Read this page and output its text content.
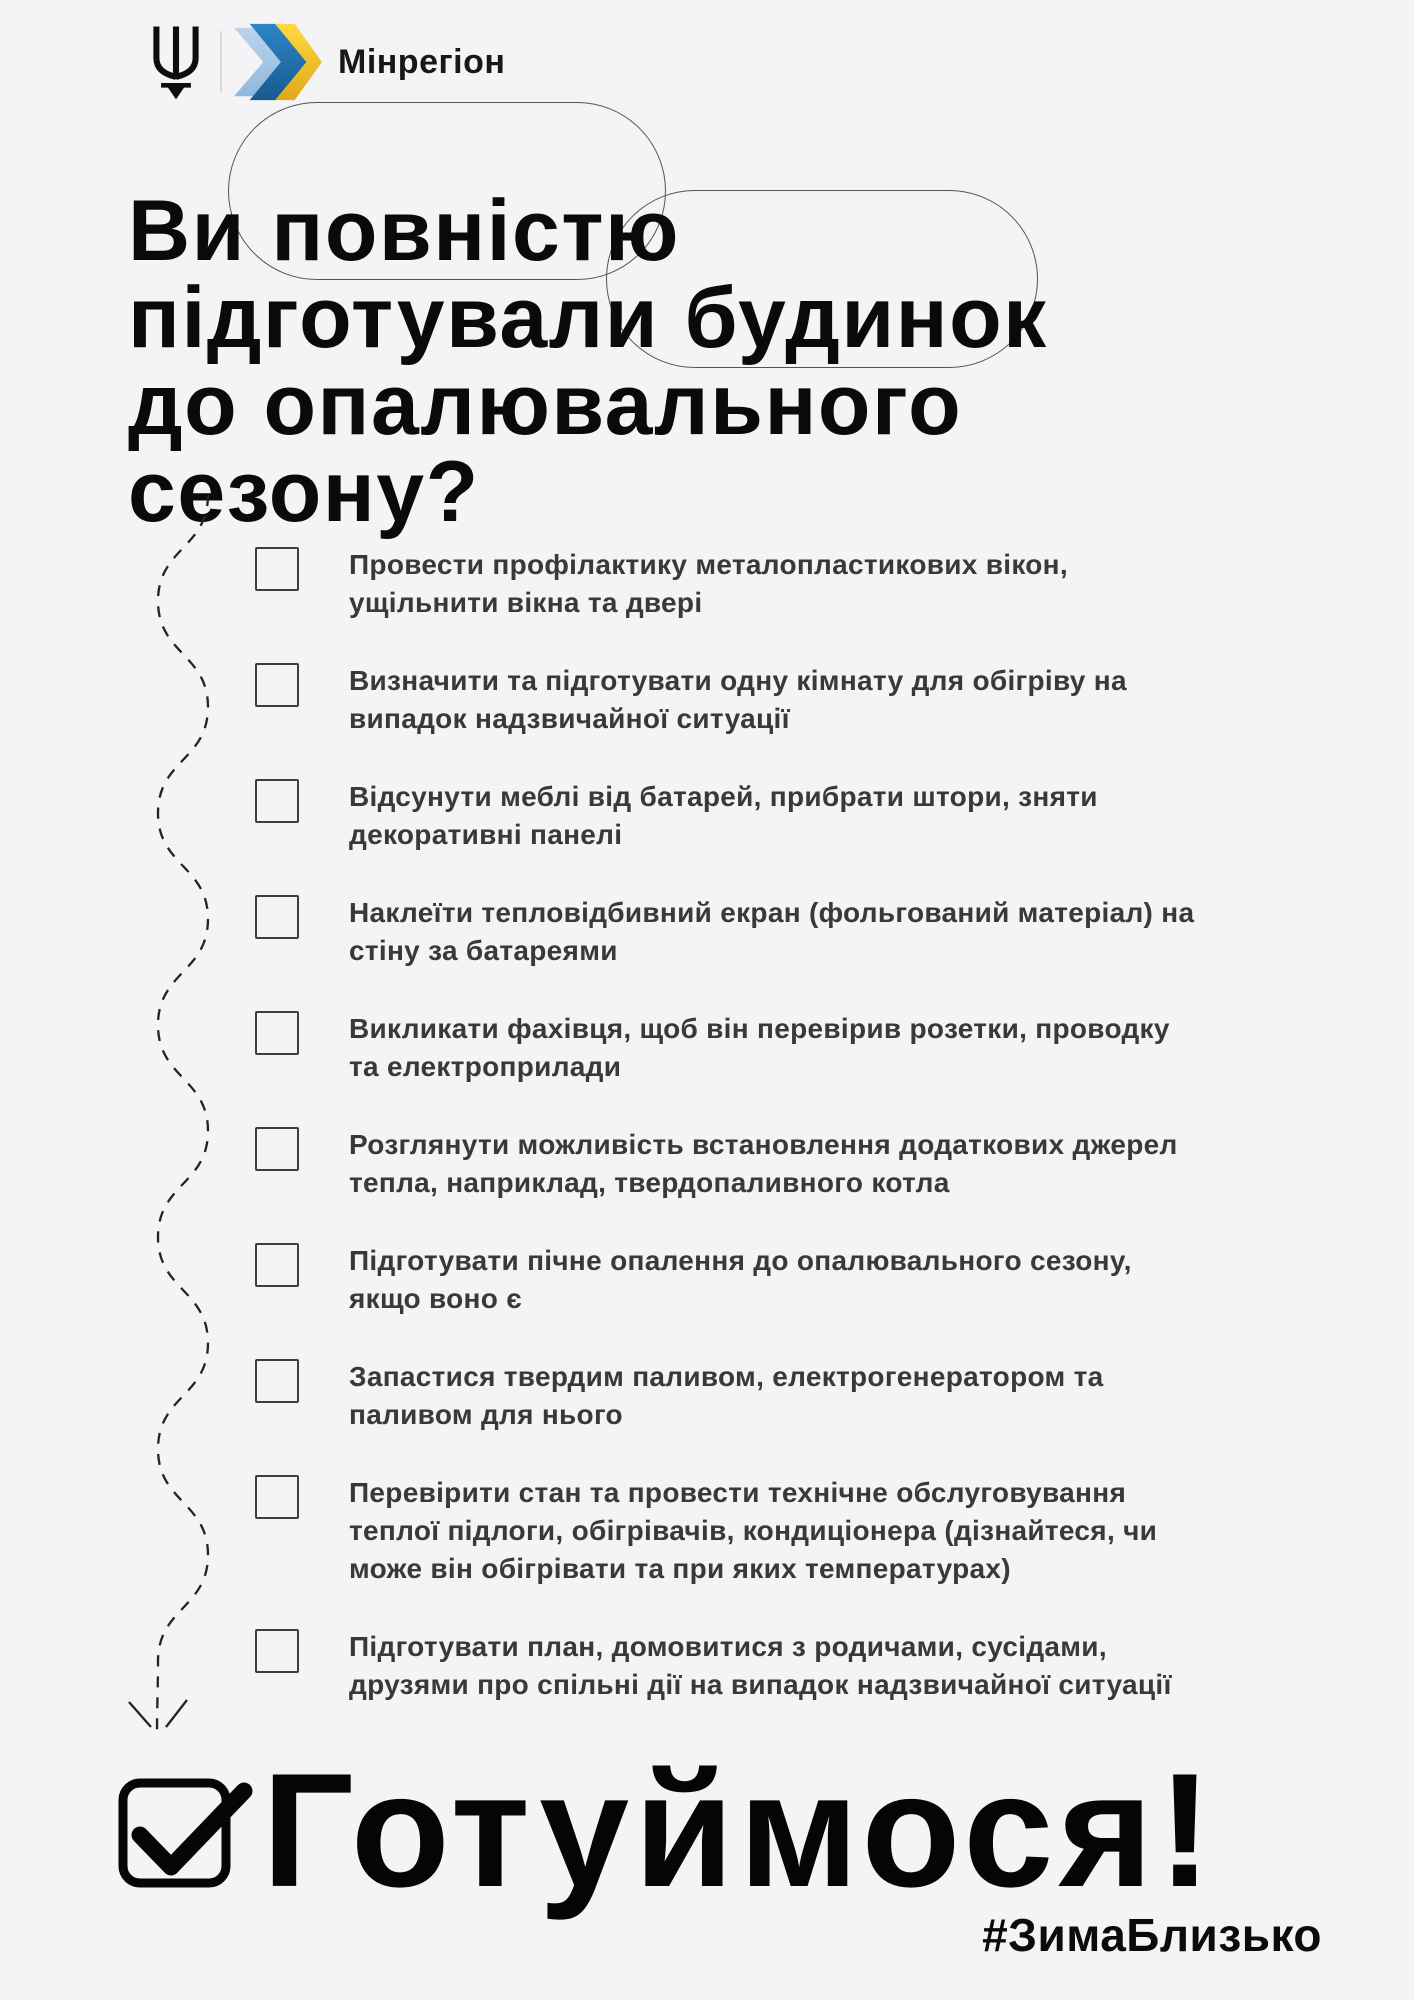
Мінрегіон
Ви повністю
підготували будинок
до опалювального
сезону?
Провести профілактику металопластикових вікон,
ущільнити вікна та двері
Визначити та підготувати одну кімнату для обігріву на
випадок надзвичайної ситуації
Відсунути меблі від батарей, прибрати штори, зняти
декоративні панелі
Наклеїти тепловідбивний екран (фольгований матеріал) на
стіну за батареями
Викликати фахівця, щоб він перевірив розетки, проводку
та електроприлади
Розглянути можливість встановлення додаткових джерел
тепла, наприклад, твердопаливного котла
Підготувати пічне опалення до опалювального сезону,
якщо воно є
Запастися твердим паливом, електрогенератором та
паливом для нього
Перевірити стан та провести технічне обслуговування
теплої підлоги, обігрівачів, кондиціонера (дізнайтеся, чи
може він обігрівати та при яких температурах)
Підготувати план, домовитися з родичами, сусідами,
друзями про спільні дії на випадок надзвичайної ситуації
Готуймося!
#ЗимаБлизько
